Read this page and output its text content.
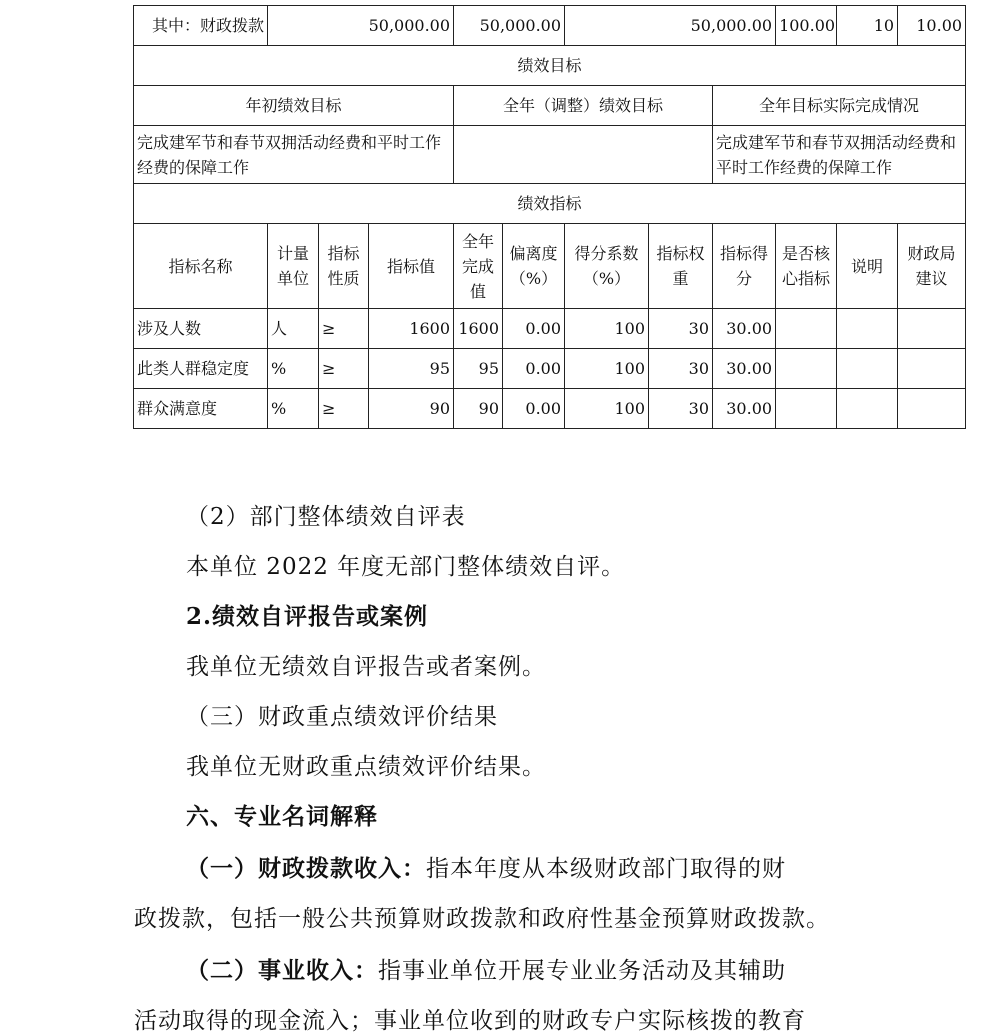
其中：财政拨款	50,000.00			50,000.00		50,000.00			100.00	10	10.00
绩效目标											
年初绩效目标				全年（调整）绩效目标				全年目标实际完成情况			
完成建军节和春节双拥活动经费和平时工作经费的保障工作								完成建军节和春节双拥活动经费和平时工作经费的保障工作			
绩效指标											
指标名称	计量单位	指标性质	指标值	全年完成值	偏离度（%）	得分系数（%）	指标权重	指标得分	是否核心指标	说明	财政局建议
涉及人数	人	≥	1600	1600	0.00	100	30	30.00			
此类人群稳定度	%	≥	95	95	0.00	100	30	30.00			
群众满意度	%	≥	90	90	0.00	100	30	30.00			
（2）部门整体绩效自评表
本单位 2022 年度无部门整体绩效自评。
2.绩效自评报告或案例
我单位无绩效自评报告或者案例。
（三）财政重点绩效评价结果
我单位无财政重点绩效评价结果。
六、专业名词解释
（一）财政拨款收入：指本年度从本级财政部门取得的财
政拨款，包括一般公共预算财政拨款和政府性基金预算财政拨款。
（二）事业收入：指事业单位开展专业业务活动及其辅助
活动取得的现金流入；事业单位收到的财政专户实际核拨的教育
